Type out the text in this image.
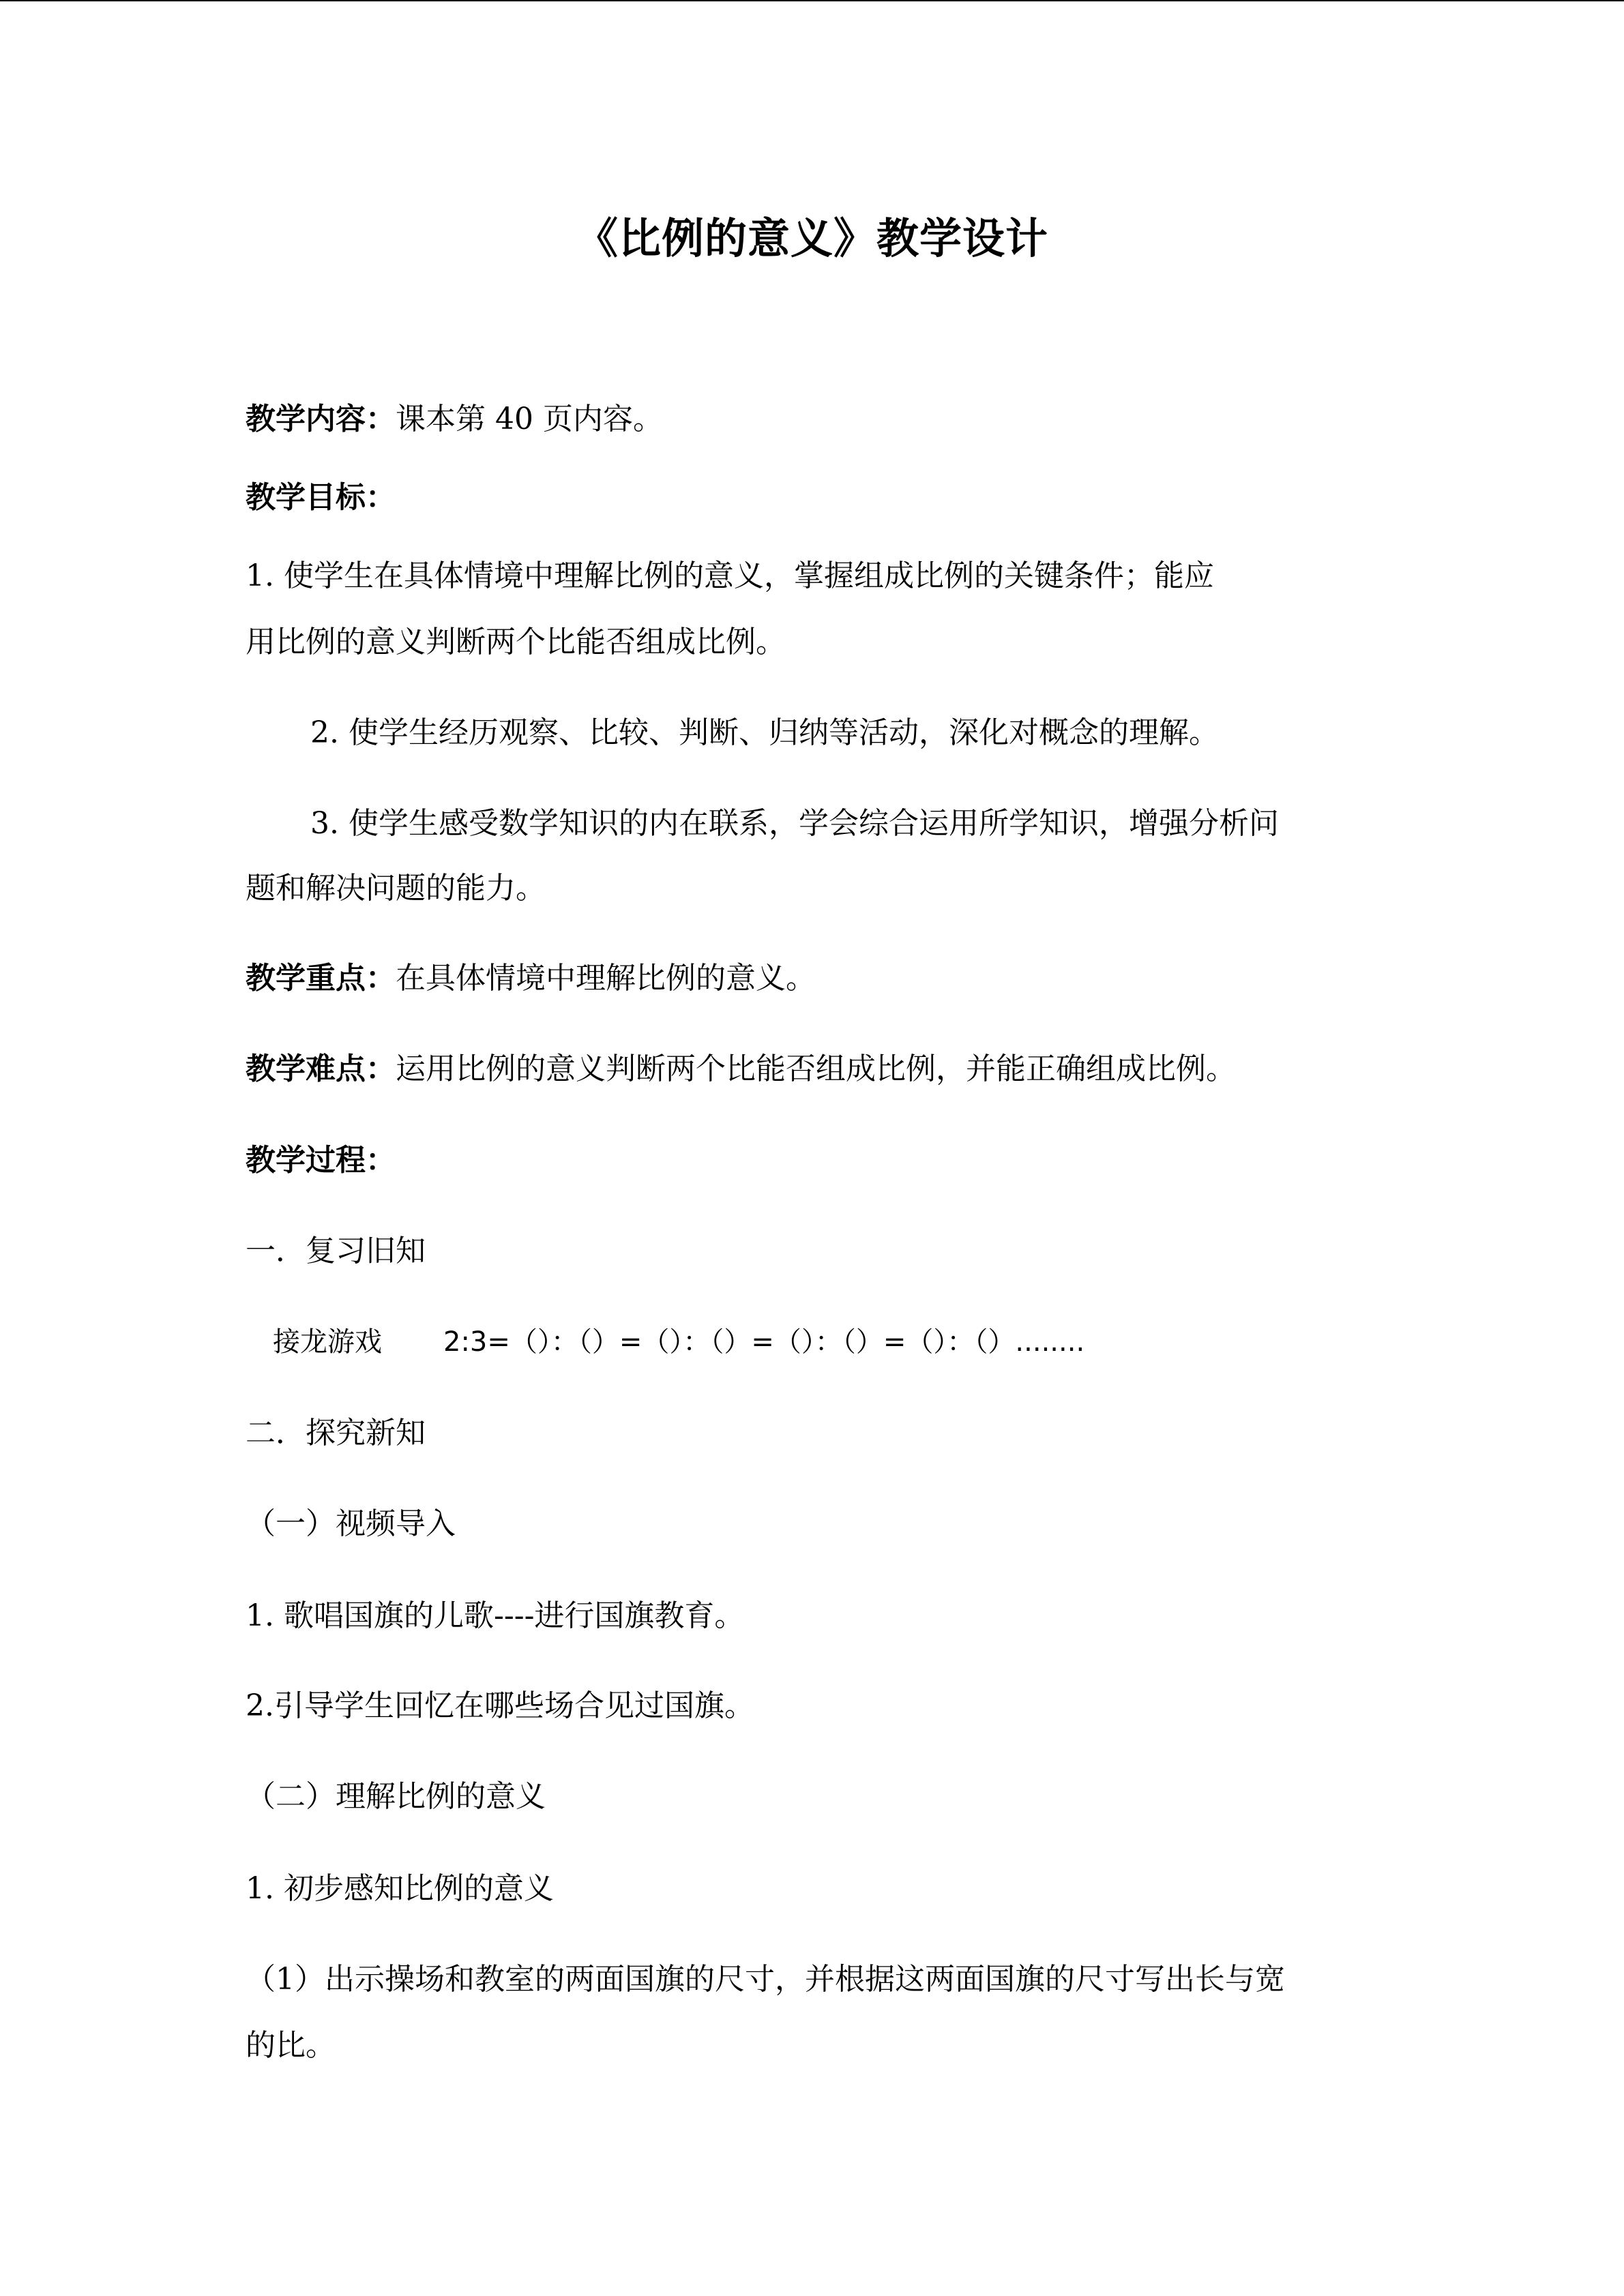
《比例的意义》教学设计
教学内容：课本第 40 页内容。
教学目标：
1. 使学生在具体情境中理解比例的意义，掌握组成比例的关键条件；能应
用比例的意义判断两个比能否组成比例。
2. 使学生经历观察、比较、判断、归纳等活动，深化对概念的理解。
3. 使学生感受数学知识的内在联系，学会综合运用所学知识，增强分析问
题和解决问题的能力。
教学重点：在具体情境中理解比例的意义。
教学难点：运用比例的意义判断两个比能否组成比例，并能正确组成比例。
教学过程：
一．复习旧知
接龙游戏 2:3=（）：（）=（）：（）=（）：（）=（）：（）........
二．探究新知
（一）视频导入
1. 歌唱国旗的儿歌----进行国旗教育。
2.引导学生回忆在哪些场合见过国旗。
（二）理解比例的意义
1. 初步感知比例的意义
（1）出示操场和教室的两面国旗的尺寸，并根据这两面国旗的尺寸写出长与宽
的比。
